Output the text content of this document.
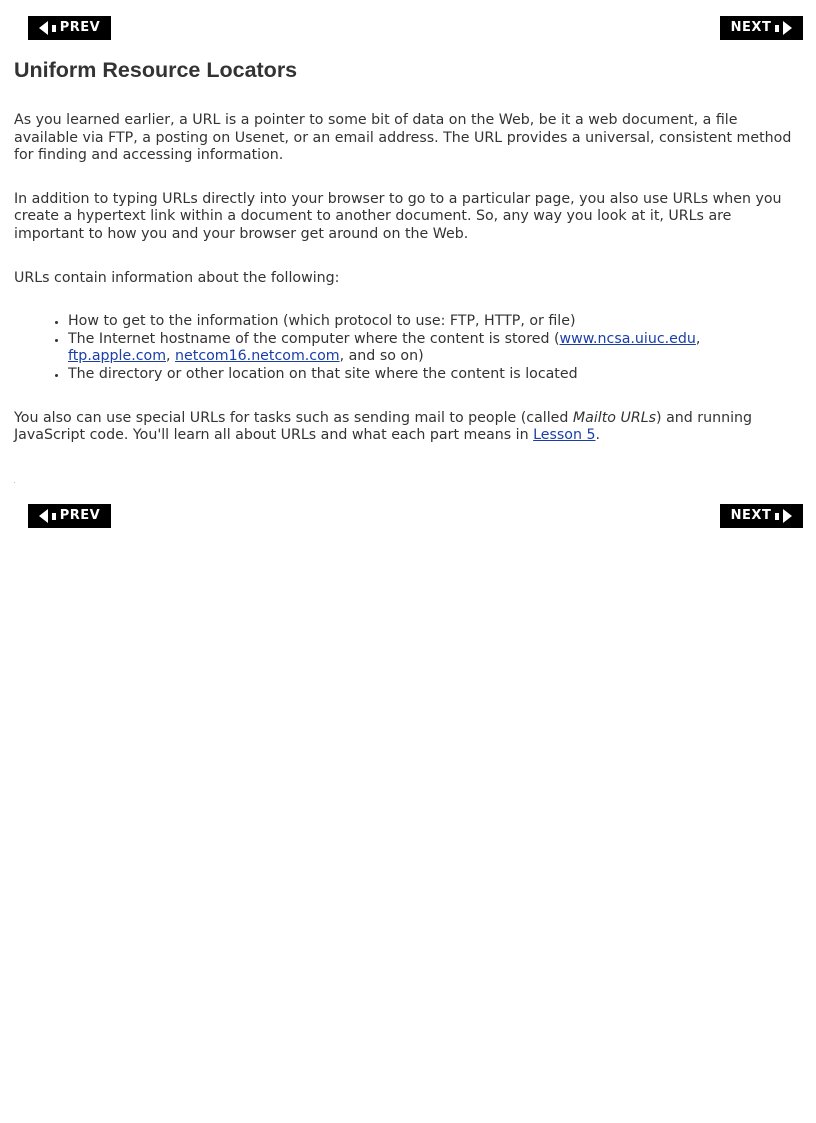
PREV	NEXT
Uniform Resource Locators

As you learned earlier, a URL is a pointer to some bit of data on the Web, be it a web document, a file available via FTP, a posting on Usenet, or an email address. The URL provides a universal, consistent method for finding and accessing information.

In addition to typing URLs directly into your browser to go to a particular page, you also use URLs when you create a hypertext link within a document to another document. So, any way you look at it, URLs are important to how you and your browser get around on the Web.

URLs contain information about the following:

• How to get to the information (which protocol to use: FTP, HTTP, or file)
• The Internet hostname of the computer where the content is stored (www.ncsa.uiuc.edu, ftp.apple.com, netcom16.netcom.com, and so on)
• The directory or other location on that site where the content is located

You also can use special URLs for tasks such as sending mail to people (called Mailto URLs) and running JavaScript code. You'll learn all about URLs and what each part means in Lesson 5.

PREV	NEXT
